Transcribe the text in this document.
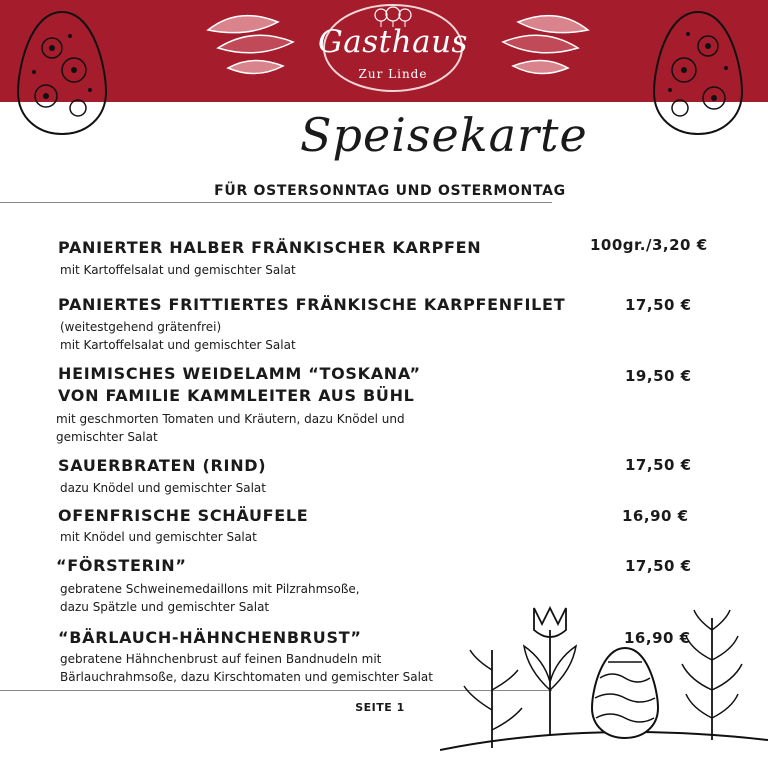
Gasthaus
Zur Linde
Speisekarte
FÜR OSTERSONNTAG UND OSTERMONTAG
PANIERTER HALBER FRÄNKISCHER KARPFEN
mit Kartoffelsalat und gemischter Salat
100gr./3,20 €
PANIERTES FRITTIERTES FRÄNKISCHE KARPFENFILET
(weitestgehend grätenfrei)
mit Kartoffelsalat und gemischter Salat
17,50 €
HEIMISCHES WEIDELAMM “TOSKANA”
VON FAMILIE KAMMLEITER AUS BÜHL
mit geschmorten Tomaten und Kräutern, dazu Knödel und
gemischter Salat
19,50 €
SAUERBRATEN (RIND)
dazu Knödel und gemischter Salat
17,50 €
OFENFRISCHE SCHÄUFELE
mit Knödel und gemischter Salat
16,90 €
“FÖRSTERIN”
gebratene Schweinemedaillons mit Pilzrahmsoße,
dazu Spätzle und gemischter Salat
17,50 €
“BÄRLAUCH-HÄHNCHENBRUST”
gebratene Hähnchenbrust auf feinen Bandnudeln mit
Bärlauchrahmsoße, dazu Kirschtomaten und gemischter Salat
16,90 €
SEITE 1
